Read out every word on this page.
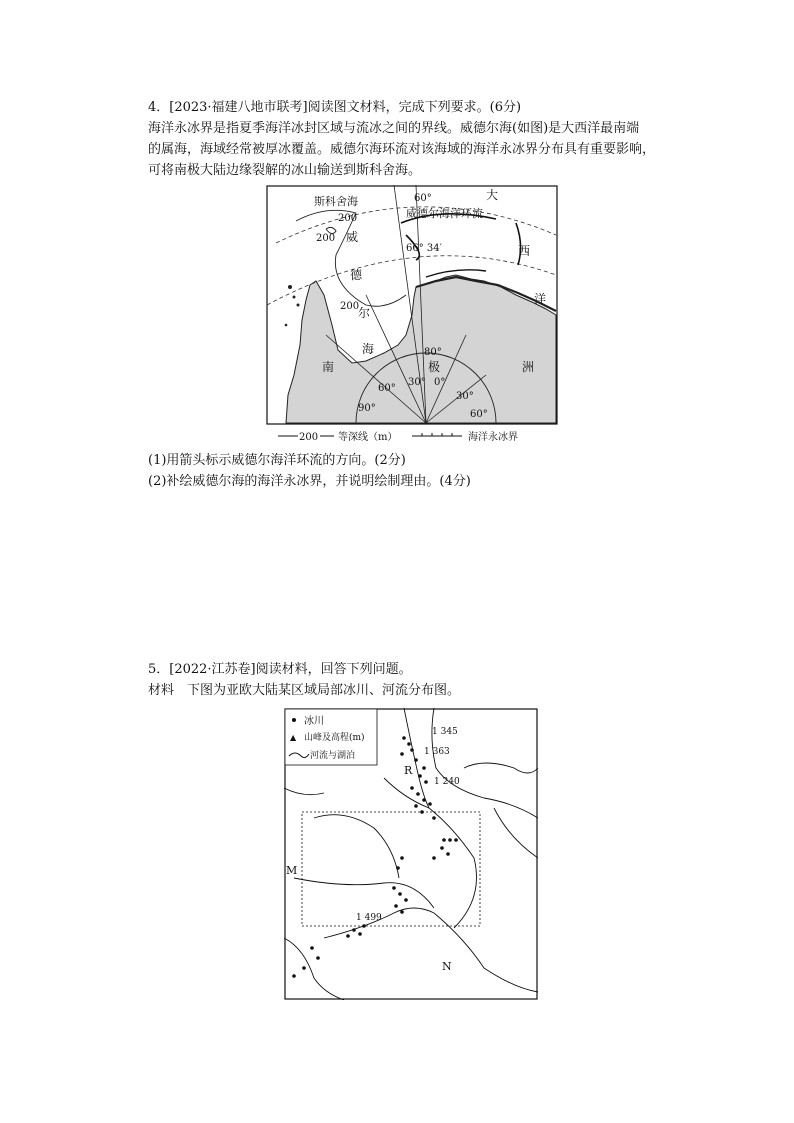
4．[2023·福建八地市联考]阅读图文材料，完成下列要求。(6分)
海洋永冰界是指夏季海洋冰封区域与流冰之间的界线。威德尔海(如图)是大西洋最南端
的属海，海域经常被厚冰覆盖。威德尔海环流对该海域的海洋永冰界分布具有重要影响，
可将南极大陆边缘裂解的冰山输送到斯科舍海。
斯科舍海	60°	大
威德尔海洋环流
200
威
200
66° 34′	西
德
洋
200
尔
海	80°
南	极	洲
30° 0°
60°
30°
90°
60°
200 等深线（m）	海洋永冰界
(1)用箭头标示威德尔海洋环流的方向。(2分)
(2)补绘威德尔海的海洋永冰界，并说明绘制理由。(4分)
5．[2022·江苏卷]阅读材料，回答下列问题。
材料　下图为亚欧大陆某区域局部冰川、河流分布图。
冰川
▲ 山峰及高程(m)
河流与湖泊
1 345
1 363
R
1 240
M
1 499
N
